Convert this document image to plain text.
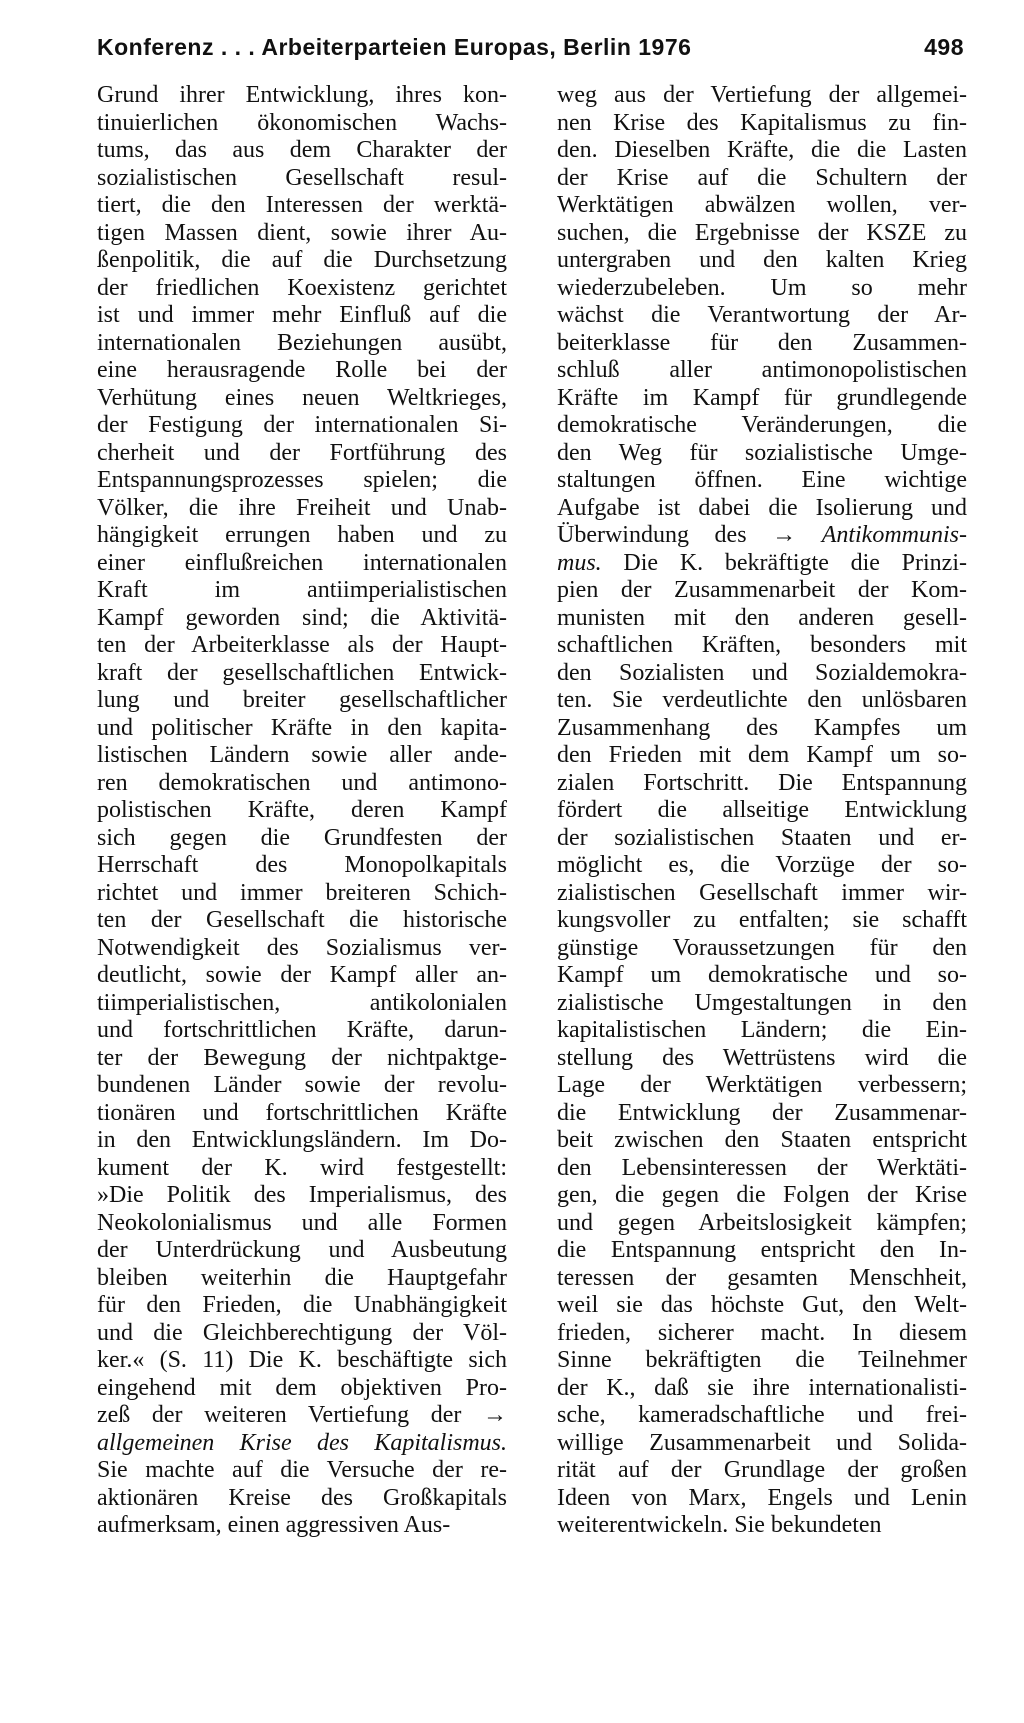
Konferenz . . . Arbeiterparteien Europas, Berlin 1976	498
Grund ihrer Entwicklung, ihres kon-
tinuierlichen ökonomischen Wachs-
tums, das aus dem Charakter der
sozialistischen Gesellschaft resul-
tiert, die den Interessen der werktä-
tigen Massen dient, sowie ihrer Au-
ßenpolitik, die auf die Durchsetzung
der friedlichen Koexistenz gerichtet
ist und immer mehr Einfluß auf die
internationalen Beziehungen ausübt,
eine herausragende Rolle bei der
Verhütung eines neuen Weltkrieges,
der Festigung der internationalen Si-
cherheit und der Fortführung des
Entspannungsprozesses spielen; die
Völker, die ihre Freiheit und Unab-
hängigkeit errungen haben und zu
einer einflußreichen internationalen
Kraft im antiimperialistischen
Kampf geworden sind; die Aktivitä-
ten der Arbeiterklasse als der Haupt-
kraft der gesellschaftlichen Entwick-
lung und breiter gesellschaftlicher
und politischer Kräfte in den kapita-
listischen Ländern sowie aller ande-
ren demokratischen und antimono-
polistischen Kräfte, deren Kampf
sich gegen die Grundfesten der
Herrschaft des Monopolkapitals
richtet und immer breiteren Schich-
ten der Gesellschaft die historische
Notwendigkeit des Sozialismus ver-
deutlicht, sowie der Kampf aller an-
tiimperialistischen, antikolonialen
und fortschrittlichen Kräfte, darun-
ter der Bewegung der nichtpaktge-
bundenen Länder sowie der revolu-
tionären und fortschrittlichen Kräfte
in den Entwicklungsländern. Im Do-
kument der K. wird festgestellt:
»Die Politik des Imperialismus, des
Neokolonialismus und alle Formen
der Unterdrückung und Ausbeutung
bleiben weiterhin die Hauptgefahr
für den Frieden, die Unabhängigkeit
und die Gleichberechtigung der Völ-
ker.« (S. 11) Die K. beschäftigte sich
eingehend mit dem objektiven Pro-
zeß der weiteren Vertiefung der →
allgemeinen Krise des Kapitalismus.
Sie machte auf die Versuche der re-
aktionären Kreise des Großkapitals
aufmerksam, einen aggressiven Aus-
weg aus der Vertiefung der allgemei-
nen Krise des Kapitalismus zu fin-
den. Dieselben Kräfte, die die Lasten
der Krise auf die Schultern der
Werktätigen abwälzen wollen, ver-
suchen, die Ergebnisse der KSZE zu
untergraben und den kalten Krieg
wiederzubeleben. Um so mehr
wächst die Verantwortung der Ar-
beiterklasse für den Zusammen-
schluß aller antimonopolistischen
Kräfte im Kampf für grundlegende
demokratische Veränderungen, die
den Weg für sozialistische Umge-
staltungen öffnen. Eine wichtige
Aufgabe ist dabei die Isolierung und
Überwindung des → Antikommunis-
mus. Die K. bekräftigte die Prinzi-
pien der Zusammenarbeit der Kom-
munisten mit den anderen gesell-
schaftlichen Kräften, besonders mit
den Sozialisten und Sozialdemokra-
ten. Sie verdeutlichte den unlösbaren
Zusammenhang des Kampfes um
den Frieden mit dem Kampf um so-
zialen Fortschritt. Die Entspannung
fördert die allseitige Entwicklung
der sozialistischen Staaten und er-
möglicht es, die Vorzüge der so-
zialistischen Gesellschaft immer wir-
kungsvoller zu entfalten; sie schafft
günstige Voraussetzungen für den
Kampf um demokratische und so-
zialistische Umgestaltungen in den
kapitalistischen Ländern; die Ein-
stellung des Wettrüstens wird die
Lage der Werktätigen verbessern;
die Entwicklung der Zusammenar-
beit zwischen den Staaten entspricht
den Lebensinteressen der Werktäti-
gen, die gegen die Folgen der Krise
und gegen Arbeitslosigkeit kämpfen;
die Entspannung entspricht den In-
teressen der gesamten Menschheit,
weil sie das höchste Gut, den Welt-
frieden, sicherer macht. In diesem
Sinne bekräftigten die Teilnehmer
der K., daß sie ihre internationalisti-
sche, kameradschaftliche und frei-
willige Zusammenarbeit und Solida-
rität auf der Grundlage der großen
Ideen von Marx, Engels und Lenin
weiterentwickeln. Sie bekundeten
